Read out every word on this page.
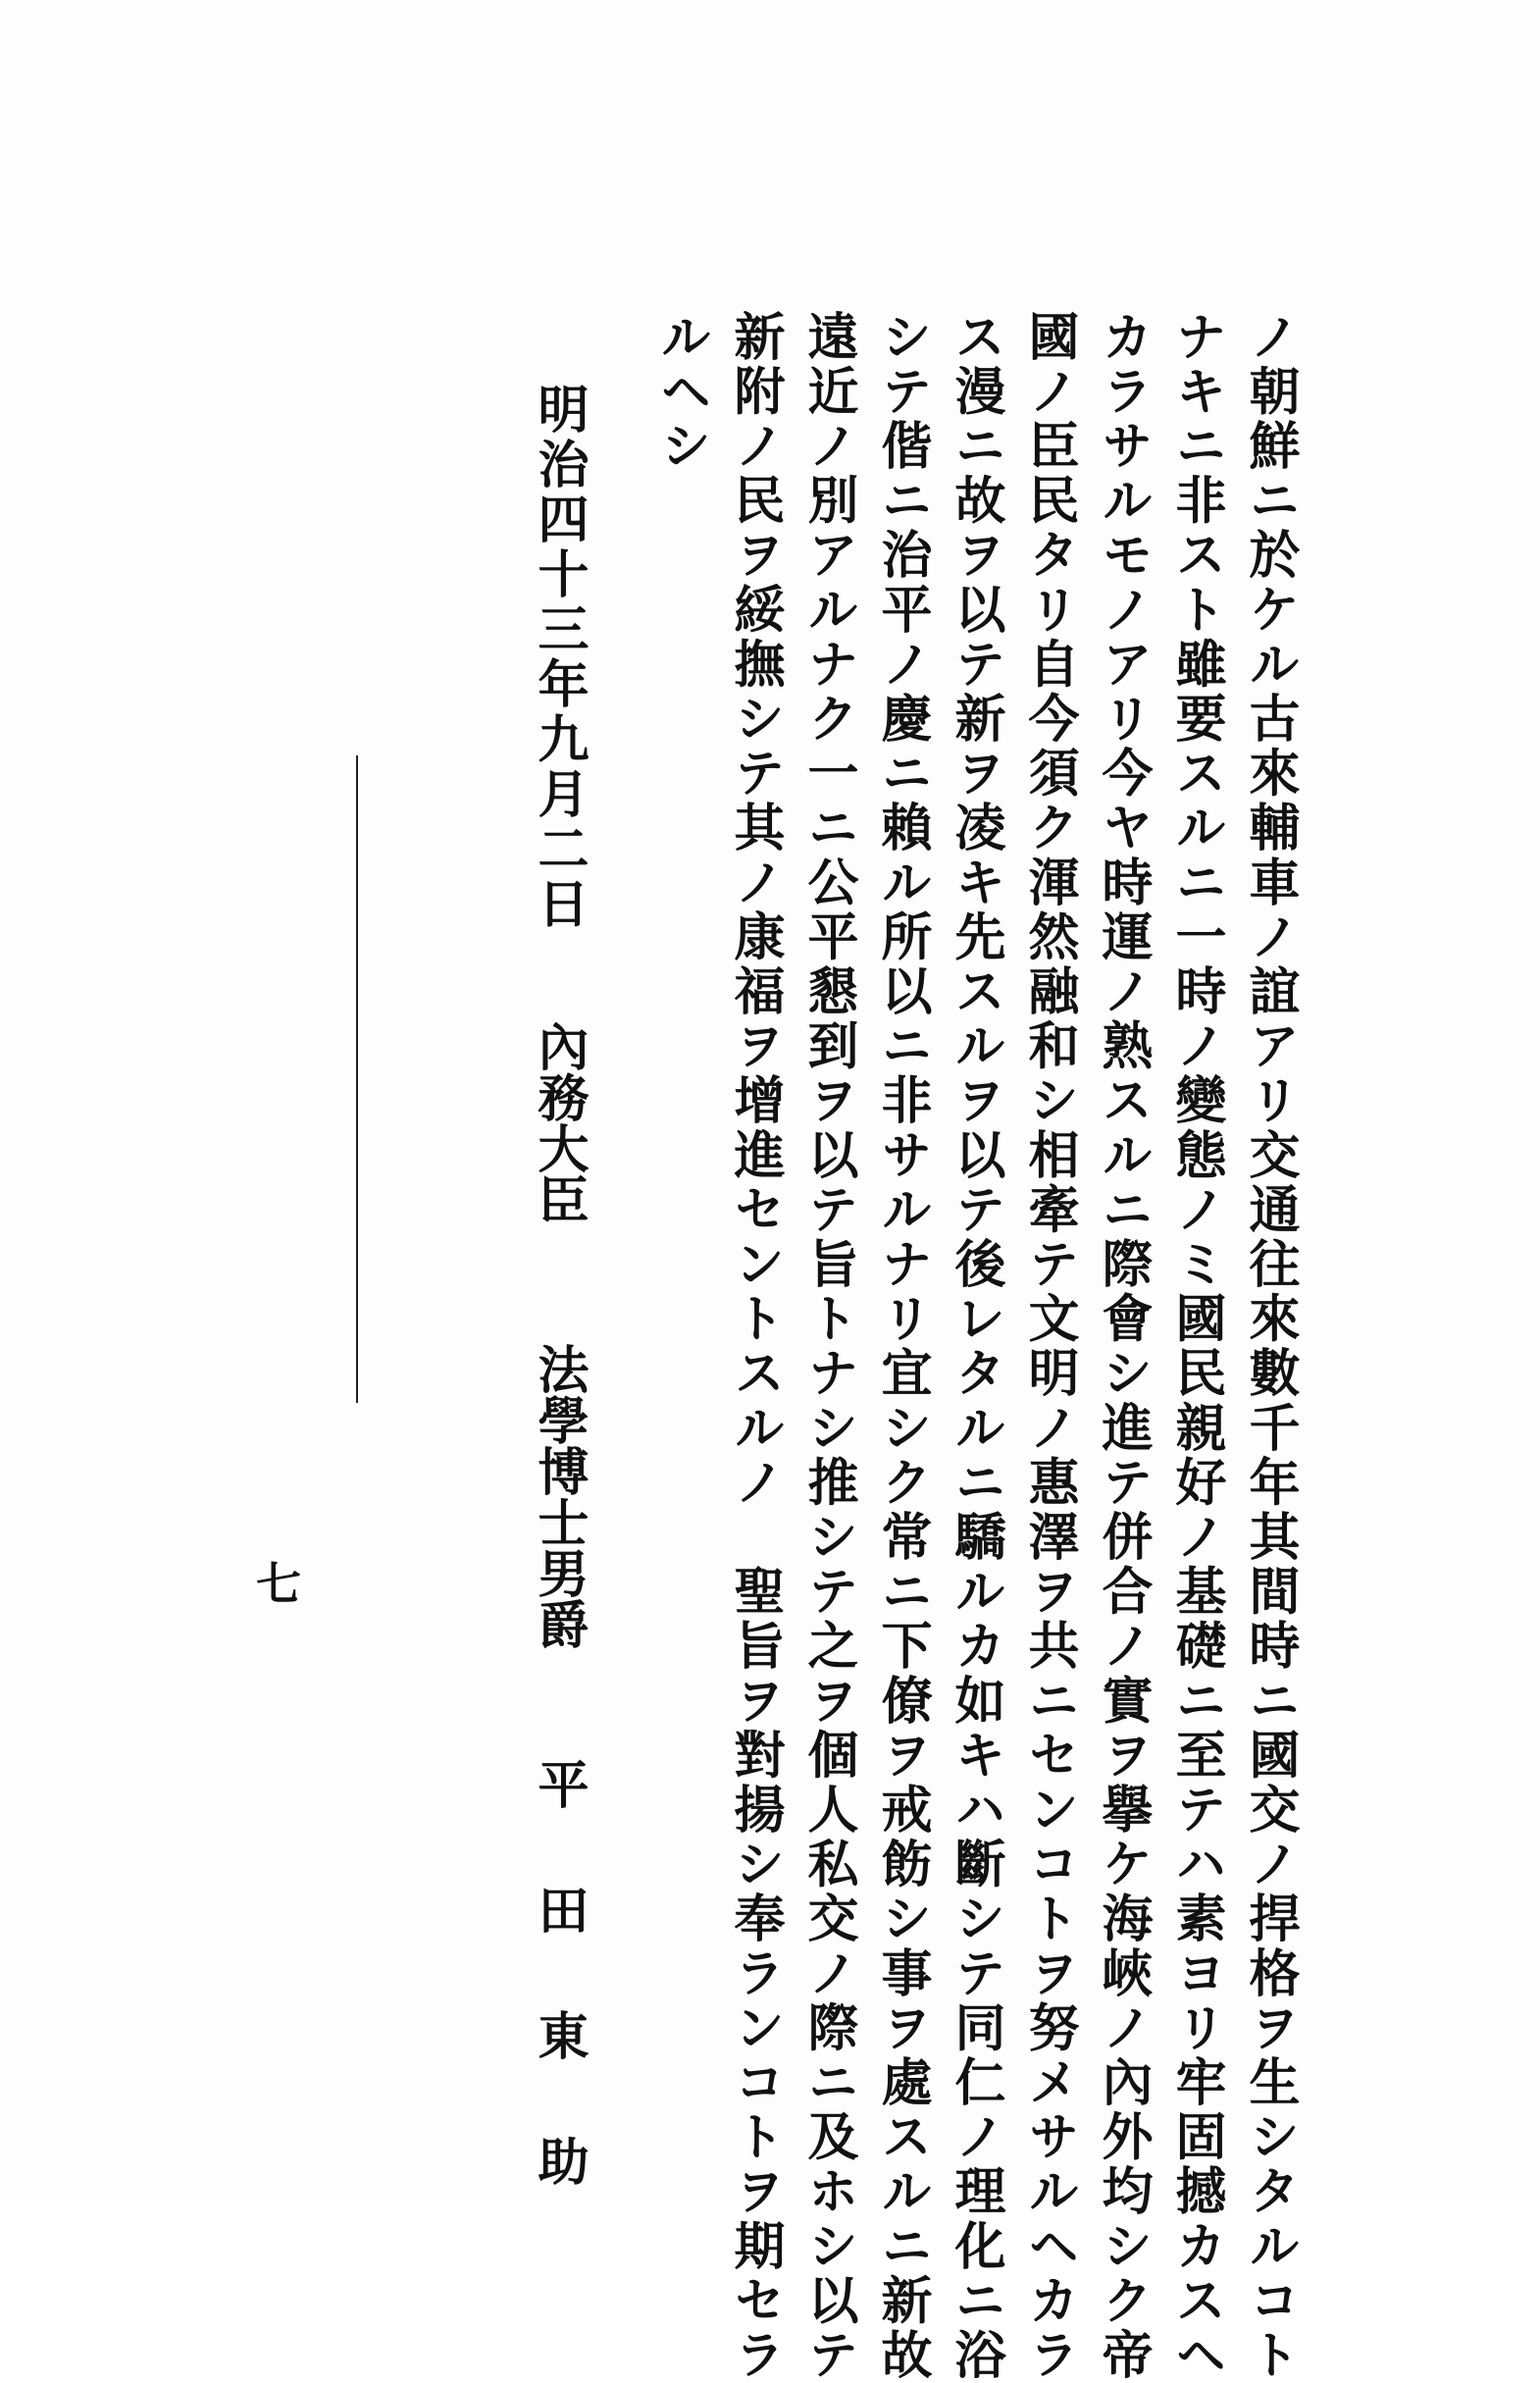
ノ朝鮮ニ於ケル古來輔車ノ誼アリ交通往來數千年其間時ニ國交ノ捍格ヲ生シタルコト
ナキニ非スト雖要スルニ一時ノ變態ノミ國民親好ノ基礎ニ至テハ素ヨリ牢固撼カスヘ
カラサルモノアリ今ヤ時運ノ熟スルニ際會シ進テ併合ノ實ヲ擧ケ海峽ノ內外均シク帝
國ノ臣民タリ自今須ク渾然融和シ相牽テ文明ノ惠澤ヲ共ニセンコトヲ努メサルヘカラ
ス漫ニ故ヲ以テ新ヲ凌キ先スルヲ以テ後レタルニ驕ルカ如キハ斷シテ同仁ノ理化ニ浴
シテ偕ニ治平ノ慶ニ賴ル所以ニ非サルナリ宜シク常ニ下僚ヲ戒飭シ事ヲ處スルニ新故
遠近ノ別アルナク一ニ公平懇到ヲ以テ旨トナシ推シテ之ヲ個人私交ノ際ニ及ホシ以テ
新附ノ民ヲ綏撫シテ其ノ康福ヲ增進セントスルノ　聖旨ヲ對揚シ奉ランコトヲ期セラ
ルヘシ
明治四十三年九月二日
內務大臣 法學博士男爵 平　田　東　助
七
